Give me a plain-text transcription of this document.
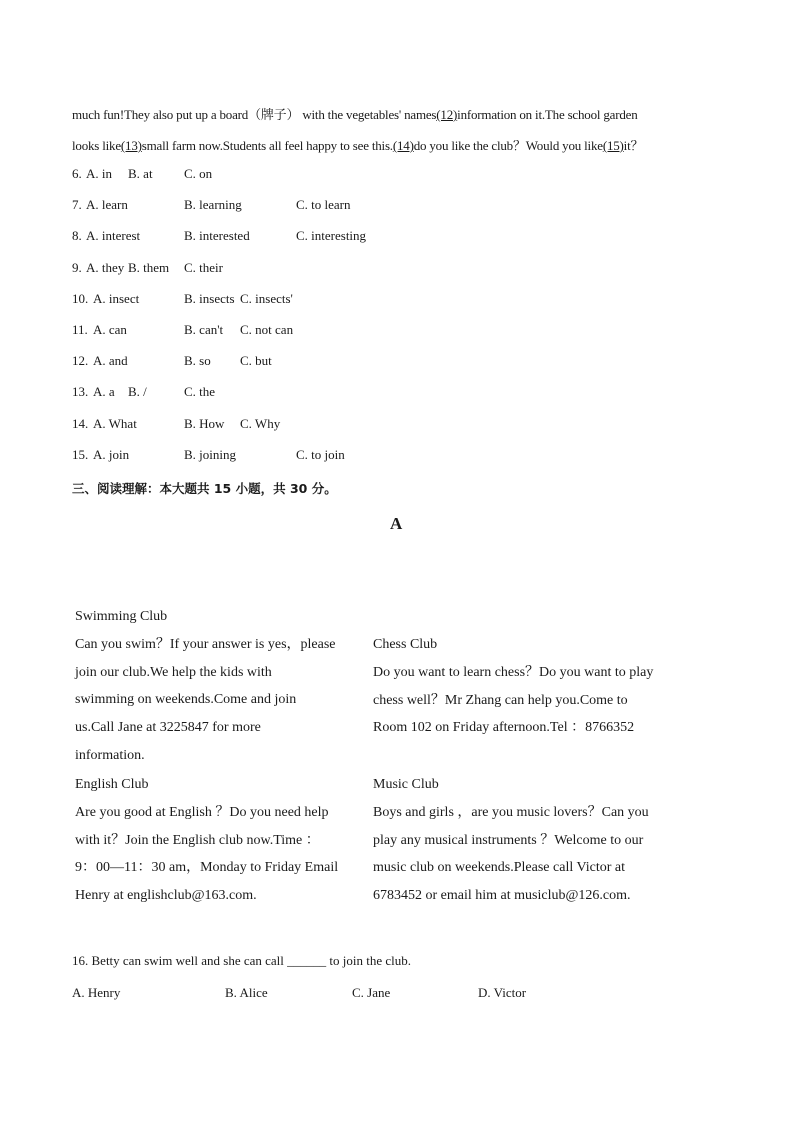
much fun!They also put up a board（牌子） with the vegetables' names(12)information on it.The school garden
looks like(13)small farm now.Students all feel happy to see this.(14)do you like the club？Would you like(15)it？
6. A. in B. at C. on
7. A. learn	B. learning	C. to learn
8. A. interest	B. interested	C. interesting
9. A. they B. them C. their
10. A. insect	B. insects C. insects'
11. A. can	B. can't C. not can
12. A. and	B. so C. but
13. A. a B. /	C. the
14. A. What	B. How C. Why
15. A. join	B. joining	C. to join
三、阅读理解：本大题共 15 小题，共 30 分。
A
Swimming Club
Can you swim？If your answer is yes，please
join our club.We help the kids with
swimming on weekends.Come and join
us.Call Jane at 3225847 for more
information.
Chess Club
Do you want to learn chess？Do you want to play
chess well？Mr Zhang can help you.Come to
Room 102 on Friday afternoon.Tel ：8766352
English Club
Are you good at English ？Do you need help
with it？Join the English club now.Time ：
9：00—11：30 am，Monday to Friday Email
Henry at englishclub@163.com.
Music Club
Boys and girls ，are you music lovers？Can you
play any musical instruments ？Welcome to our
music club on weekends.Please call Victor at
6783452 or email him at musiclub@126.com.
16. Betty can swim well and she can call ______ to join the club.
A. Henry	B. Alice	C. Jane	D. Victor
